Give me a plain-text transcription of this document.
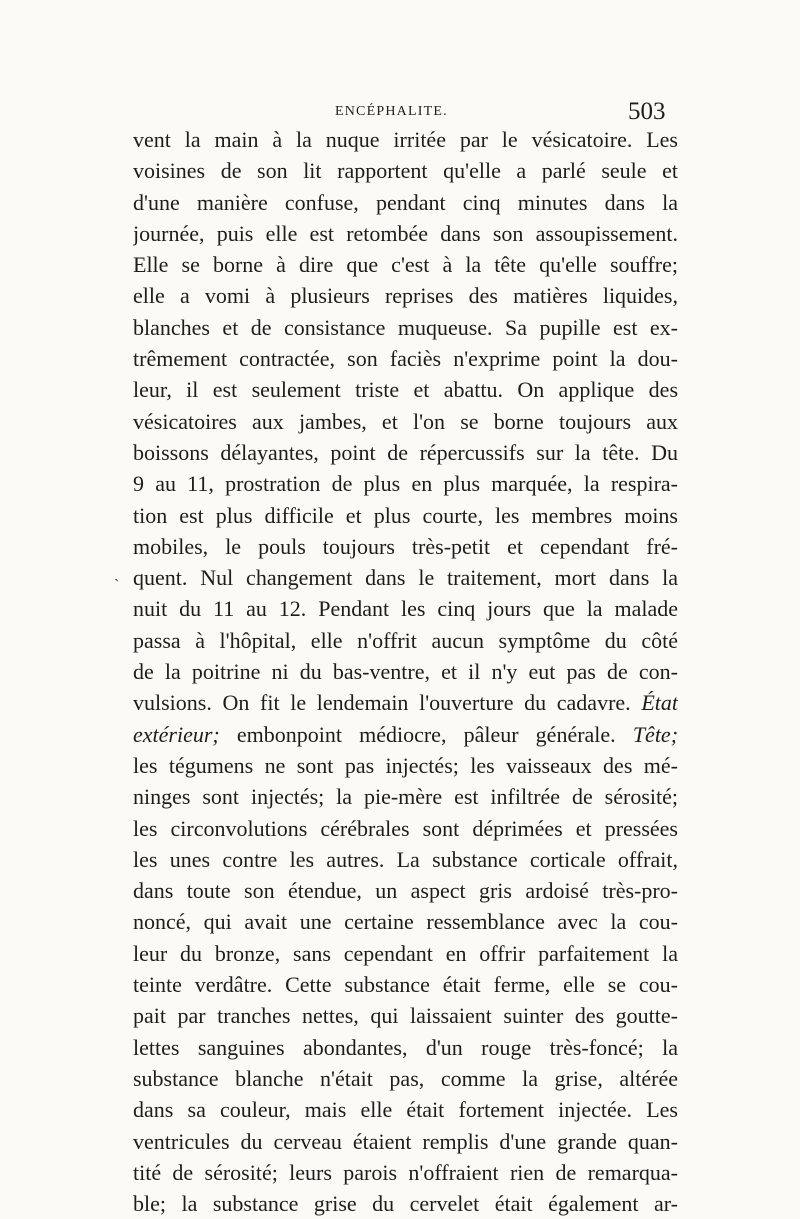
ENCÉPHALITE.	503
`
vent la main à la nuque irritée par le vésicatoire. Les
voisines de son lit rapportent qu'elle a parlé seule et
d'une manière confuse, pendant cinq minutes dans la
journée, puis elle est retombée dans son assoupissement.
Elle se borne à dire que c'est à la tête qu'elle souffre;
elle a vomi à plusieurs reprises des matières liquides,
blanches et de consistance muqueuse. Sa pupille est ex-
trêmement contractée, son faciès n'exprime point la dou-
leur, il est seulement triste et abattu. On applique des
vésicatoires aux jambes, et l'on se borne toujours aux
boissons délayantes, point de répercussifs sur la tête. Du
9 au 11, prostration de plus en plus marquée, la respira-
tion est plus difficile et plus courte, les membres moins
mobiles, le pouls toujours très-petit et cependant fré-
quent. Nul changement dans le traitement, mort dans la
nuit du 11 au 12. Pendant les cinq jours que la malade
passa à l'hôpital, elle n'offrit aucun symptôme du côté
de la poitrine ni du bas-ventre, et il n'y eut pas de con-
vulsions. On fit le lendemain l'ouverture du cadavre. État
extérieur; embonpoint médiocre, pâleur générale. Tête;
les tégumens ne sont pas injectés; les vaisseaux des mé-
ninges sont injectés; la pie-mère est infiltrée de sérosité;
les circonvolutions cérébrales sont déprimées et pressées
les unes contre les autres. La substance corticale offrait,
dans toute son étendue, un aspect gris ardoisé très-pro-
noncé, qui avait une certaine ressemblance avec la cou-
leur du bronze, sans cependant en offrir parfaitement la
teinte verdâtre. Cette substance était ferme, elle se cou-
pait par tranches nettes, qui laissaient suinter des goutte-
lettes sanguines abondantes, d'un rouge très-foncé; la
substance blanche n'était pas, comme la grise, altérée
dans sa couleur, mais elle était fortement injectée. Les
ventricules du cerveau étaient remplis d'une grande quan-
tité de sérosité; leurs parois n'offraient rien de remarqua-
ble; la substance grise du cervelet était également ar-
